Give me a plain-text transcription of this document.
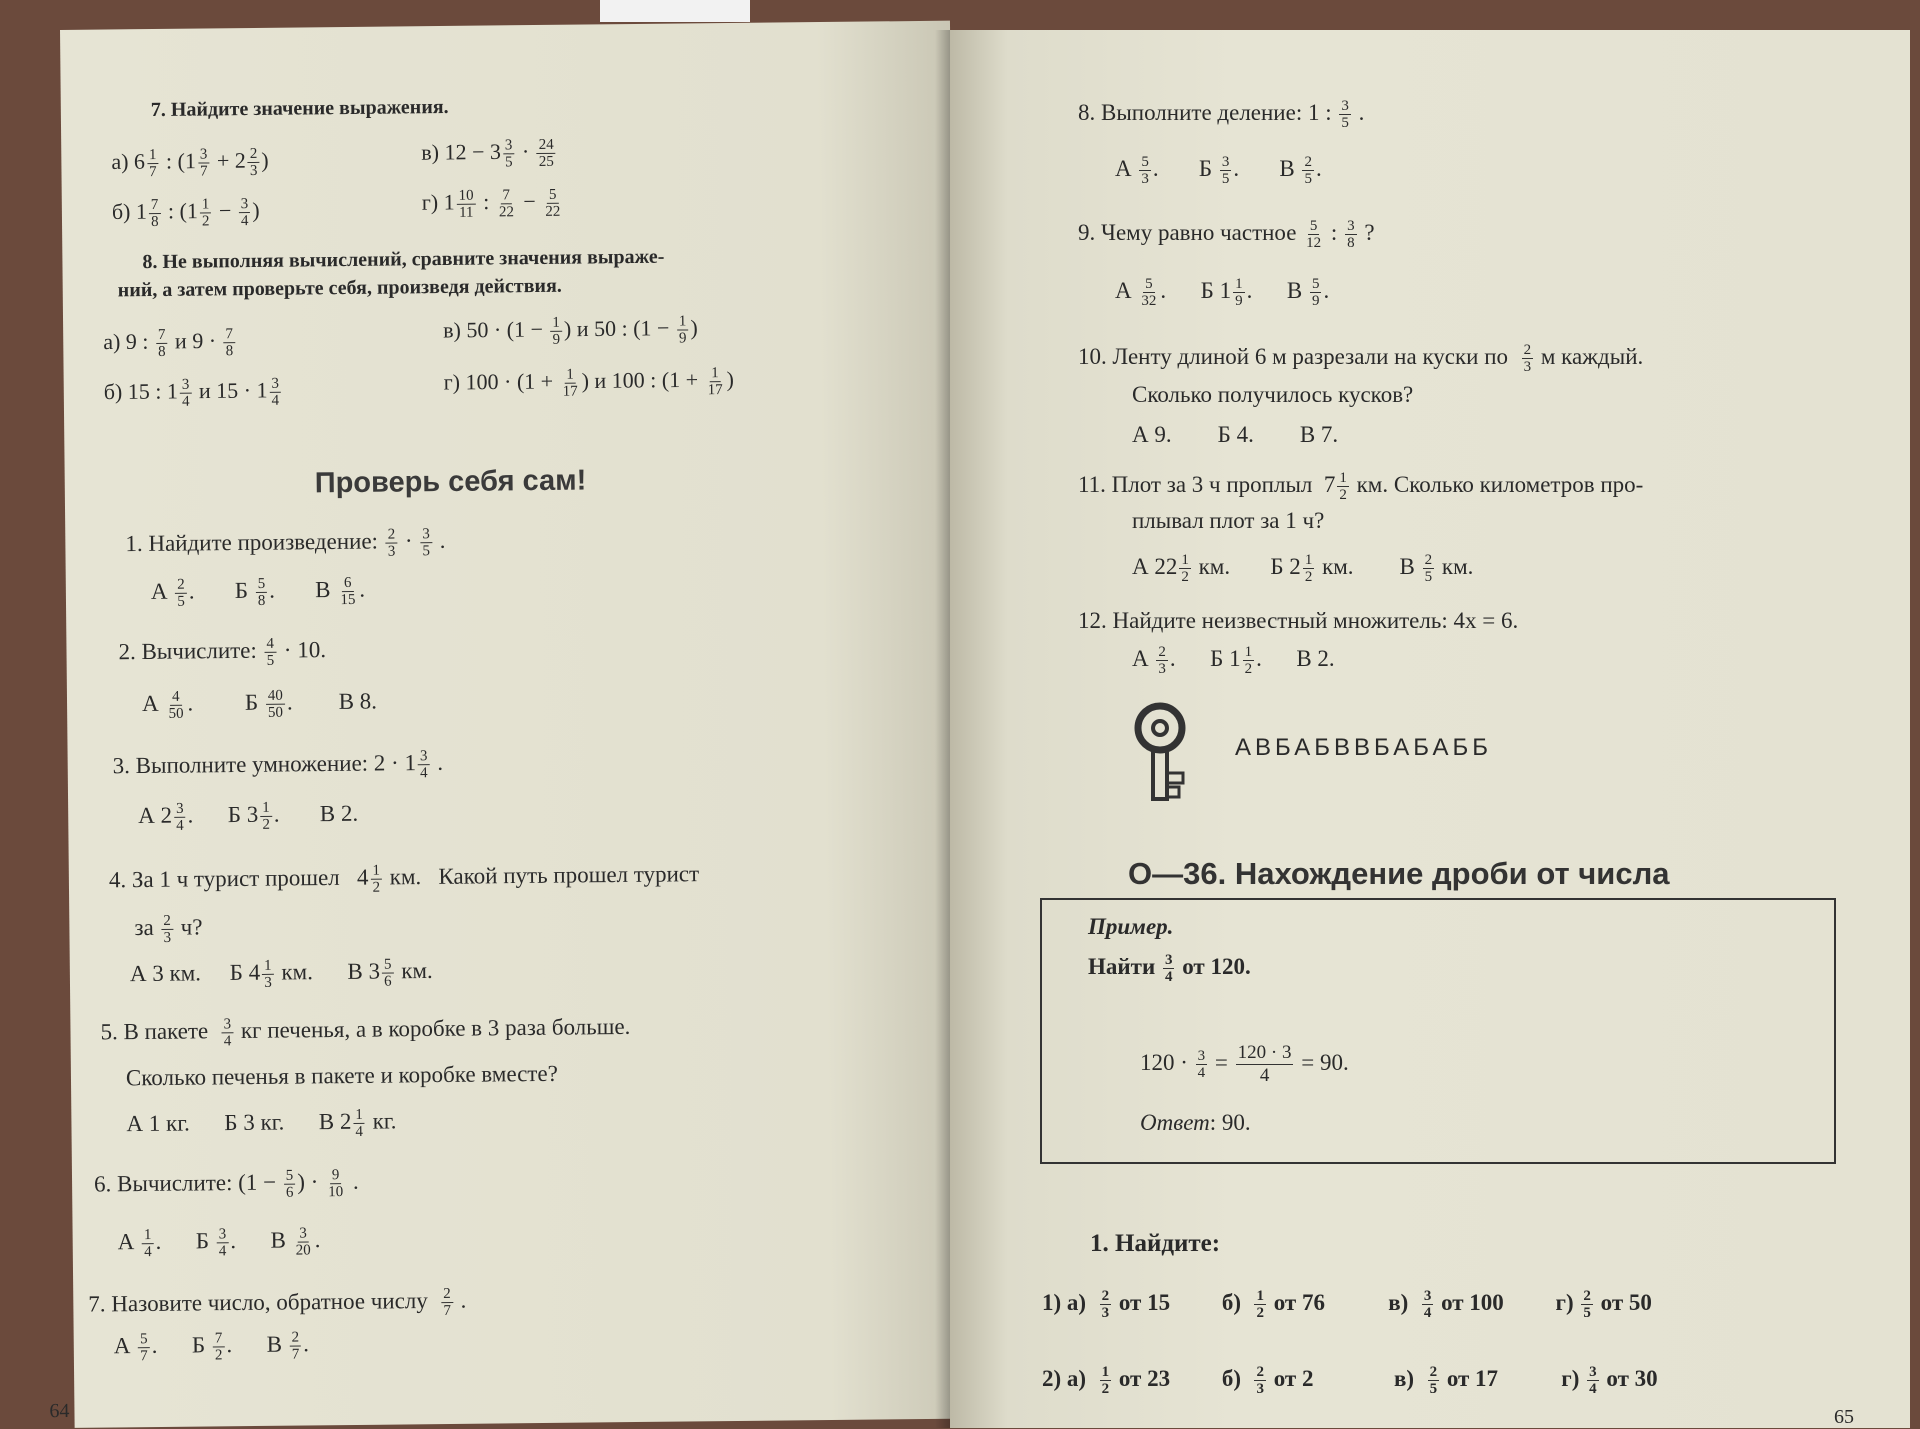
7. Найдите значение выражения.
а) $6 \frac{1}{7}$ : ($1 \frac{3}{7} + 2 \frac{2}{3}$ )	в) $12 - 3 \frac{3}{5} \cdot \frac{24}{25}$
б) $1 \frac{7}{8}$ : ($1 \frac{1}{2} - \frac{3}{4}$ )	г) $1 \frac{10}{11}$ : $\frac{7}{22} - \frac{5}{22}$
8. Не выполняя вычислений, сравните значения выраже-
ний, а затем проверьте себя, произведя действия.
а) 9 : $\frac{7}{8}$ и $9 \cdot \frac{7}{8}$	в) $50 \cdot (1 - \frac{1}{9}$ ) и 50 : ($1 - \frac{1}{9}$ )
б) 15 : $1 \frac{3}{4}$ и $15 \cdot 1 \frac{3}{4}$	г) $100 \cdot (1 + \frac{1}{17}$ ) и 100 : ($1 + \frac{1}{17}$ )
Проверь себя сам!
1. Найдите произведение: $\frac{2}{3} \cdot \frac{3}{5}$ .
А $\frac{2}{5}$ .       Б $\frac{5}{8}$ .       В $\frac{6}{15}$ .
2. Вычислите: $\frac{4}{5} \cdot 10$.
А $\frac{4}{50}$ .         Б $\frac{40}{50}$ .        В 8.
3. Выполните умножение: $2 \cdot 1 \frac{3}{4}$ .
А $2 \frac{3}{4}$ .      Б $3 \frac{1}{2}$ .       В 2.
4. За 1 ч турист прошел   $4 \frac{1}{2}$ км.   Какой путь прошел турист
за $\frac{2}{3} ч$?
А 3 км.     Б $4 \frac{1}{3}$ км.      В $3 \frac{5}{6}$ км.
5. В пакете $\frac{3}{4}$ кг печенья, а в коробке в 3 раза больше.
Сколько печенья в пакете и коробке вместе?
А 1 кг.      Б 3 кг.      В $2 \frac{1}{4}$ кг.
6. Вычислите: ($1 - \frac{5}{6}$ ) · $\frac{9}{10}$ .
А $\frac{1}{4}$ .      Б $\frac{3}{4}$ .      В $\frac{3}{20}$ .
7. Назовите число, обратное числу $\frac{2}{7}$ .
А $\frac{5}{7}$ .      Б $\frac{7}{2}$ .      В $\frac{2}{7}$ .
64
8. Выполните деление: 1 : $\frac{3}{5}$ .
А $\frac{5}{3}$ .       Б $\frac{3}{5}$ .       В $\frac{2}{5}$ .
9. Чему равно частное $\frac{5}{12}$ : $\frac{3}{8}$ ?
А $\frac{5}{32}$ .      Б $1 \frac{1}{9}$ .      В $\frac{5}{9}$ .
10. Ленту длиной 6 м разрезали на куски по $\frac{2}{3}$ м каждый.
Сколько получилось кусков?
А 9.        Б 4.        В 7.
11. Плот за 3 ч проплыл  $7 \frac{1}{2}$ км. Сколько километров про-
плывал плот за 1 ч?
А $22 \frac{1}{2}$ км.       Б $2 \frac{1}{2}$ км.        В $\frac{2}{5}$ км.
12. Найдите неизвестный множитель: 4x = 6.
А $\frac{2}{3}$ .      Б $1 \frac{1}{2}$ .      В 2.
АВБАБВВБАБАББ
О—36. Нахождение дроби от числа
Пример.
Найти $\frac{3}{4}$ от 120.
$120 \cdot \frac{3}{4} = \frac{120 \cdot 3}{4} = 90$.
Ответ: 90.
1. Найдите:
1) $а) \frac{2}{3}$ от 15         $б) \frac{1}{2}$ от 76           $в) \frac{3}{4}$ от 100         $г) \frac{2}{5}$ от 50
2) $а) \frac{1}{2}$ от 23         $б) \frac{2}{3}$ от 2              $в) \frac{2}{5}$ от 17           $г) \frac{3}{4}$ от 30
65
